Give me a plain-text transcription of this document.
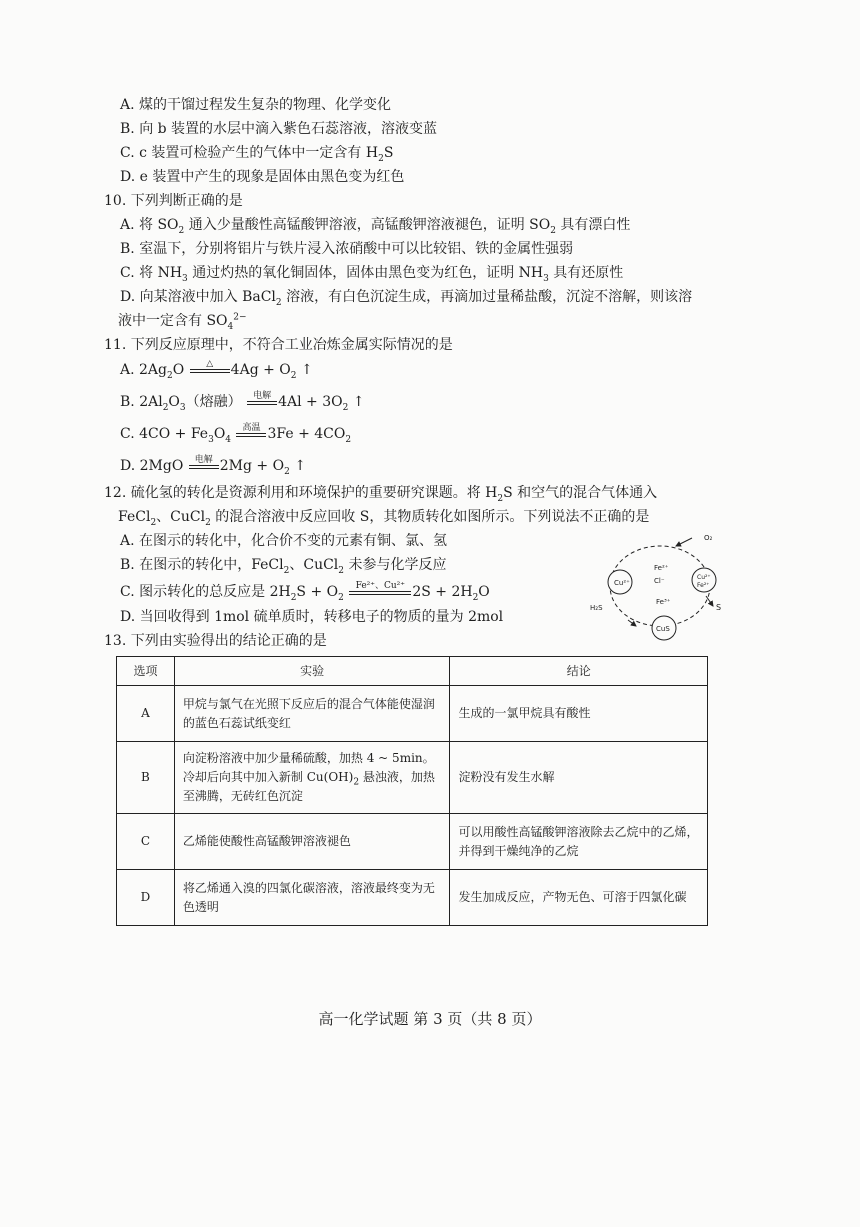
A. 煤的干馏过程发生复杂的物理、化学变化
B. 向 b 装置的水层中滴入紫色石蕊溶液，溶液变蓝
C. c 装置可检验产生的气体中一定含有 $H_2S$
D. e 装置中产生的现象是固体由黑色变为红色
10. 下列判断正确的是
A. 将 $SO_2$ 通入少量酸性高锰酸钾溶液，高锰酸钾溶液褪色，证明 $SO_2$ 具有漂白性
B. 室温下，分别将铝片与铁片浸入浓硝酸中可以比较铝、铁的金属性强弱
C. 将 $NH_3$ 通过灼热的氧化铜固体，固体由黑色变为红色，证明 $NH_3$ 具有还原性
D. 向某溶液中加入 BaCl$_2$ 溶液，有白色沉淀生成，再滴加过量稀盐酸，沉淀不溶解，则该溶
液中一定含有 $SO_4^{2-}$
11. 下列反应原理中，不符合工业冶炼金属实际情况的是
A. $2Ag_2O$	△	$4Ag + O_2$ ↑
B. $2Al_2O_3$（熔融）	电解 $4Al + 3O_2$ ↑
C. $4CO + Fe_3O_4$
高温 $3Fe + 4CO_2$
D. 2MgO	电解 $2Mg + O_2$ ↑
12. 硫化氢的转化是资源利用和环境保护的重要研究课题。将 $H_2S$ 和空气的混合气体通入
FeCl$_2$、CuCl$_2$ 的混合溶液中反应回收 S，其物质转化如图所示。下列说法不正确的是
A. 在图示的转化中，化合价不变的元素有铜、氯、氢
B. 在图示的转化中，FeCl$_2$、CuCl$_2$ 未参与化学反应
C. 图示转化的总反应是 $2H_2S + O_2$
Fe²⁺、Cu²⁺ $2S + 2H_2O$
D. 当回收得到 1mol 硫单质时，转移电子的物质的量为 2mol
O₂
Cu²⁺
Fe²⁺
Cl⁻	Cu²⁺
Fe²⁺
Fe³⁺
H₂S	S
CuS
13. 下列由实验得出的结论正确的是
选项	实验	结论
A	甲烷与氯气在光照下反应后的混合气体能使湿润的蓝色石蕊试纸变红	生成的一氯甲烷具有酸性
B	向淀粉溶液中加少量稀硫酸，加热 4 ~ 5min。冷却后向其中加入新制 $Cu(OH)_2$ 悬浊液，加热至沸腾，无砖红色沉淀	淀粉没有发生水解
C	乙烯能使酸性高锰酸钾溶液褪色	可以用酸性高锰酸钾溶液除去乙烷中的乙烯，并得到干燥纯净的乙烷
D	将乙烯通入溴的四氯化碳溶液，溶液最终变为无色透明	发生加成反应，产物无色、可溶于四氯化碳
高一化学试题 第 3 页（共 8 页）
